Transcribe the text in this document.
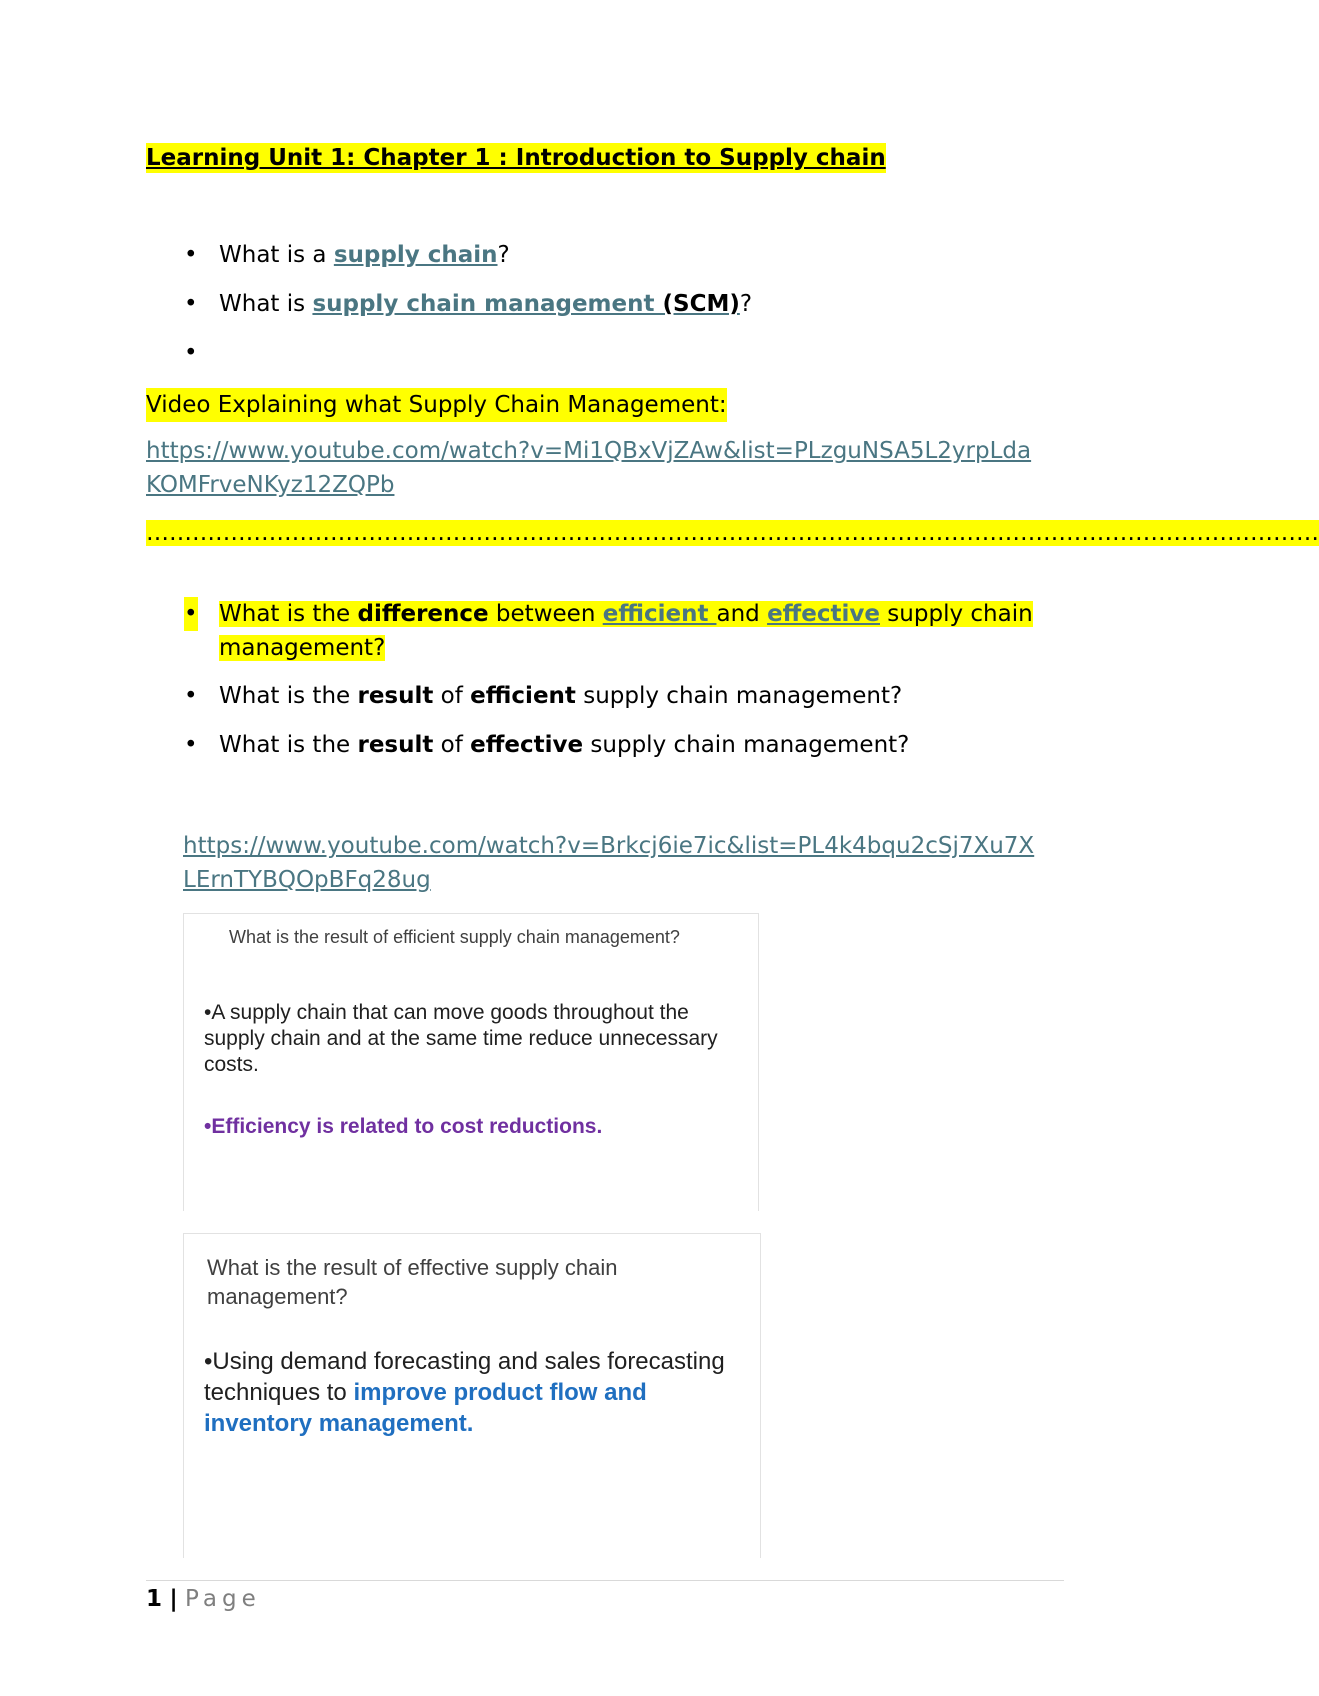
Learning Unit 1: Chapter 1 : Introduction to Supply chain
• What is a supply chain?
• What is supply chain management (SCM)?
•
Video Explaining what Supply Chain Management:
https://www.youtube.com/watch?v=Mi1QBxVjZAw&list=PLzguNSA5L2yrpLdaKOMFrveNKyz12ZQPb
………………………………………………………………………………………………………………………………………
• What is the difference between efficient and effective supply chain management?
• What is the result of efficient supply chain management?
• What is the result of effective supply chain management?
https://www.youtube.com/watch?v=Brkcj6ie7ic&list=PL4k4bqu2cSj7Xu7XLErnTYBQOpBFq28ug
What is the result of efficient supply chain management?
•A supply chain that can move goods throughout the supply chain and at the same time reduce unnecessary costs.
•Efficiency is related to cost reductions.
What is the result of effective supply chain management?
•Using demand forecasting and sales forecasting techniques to improve product flow and inventory management.
1 | Page
